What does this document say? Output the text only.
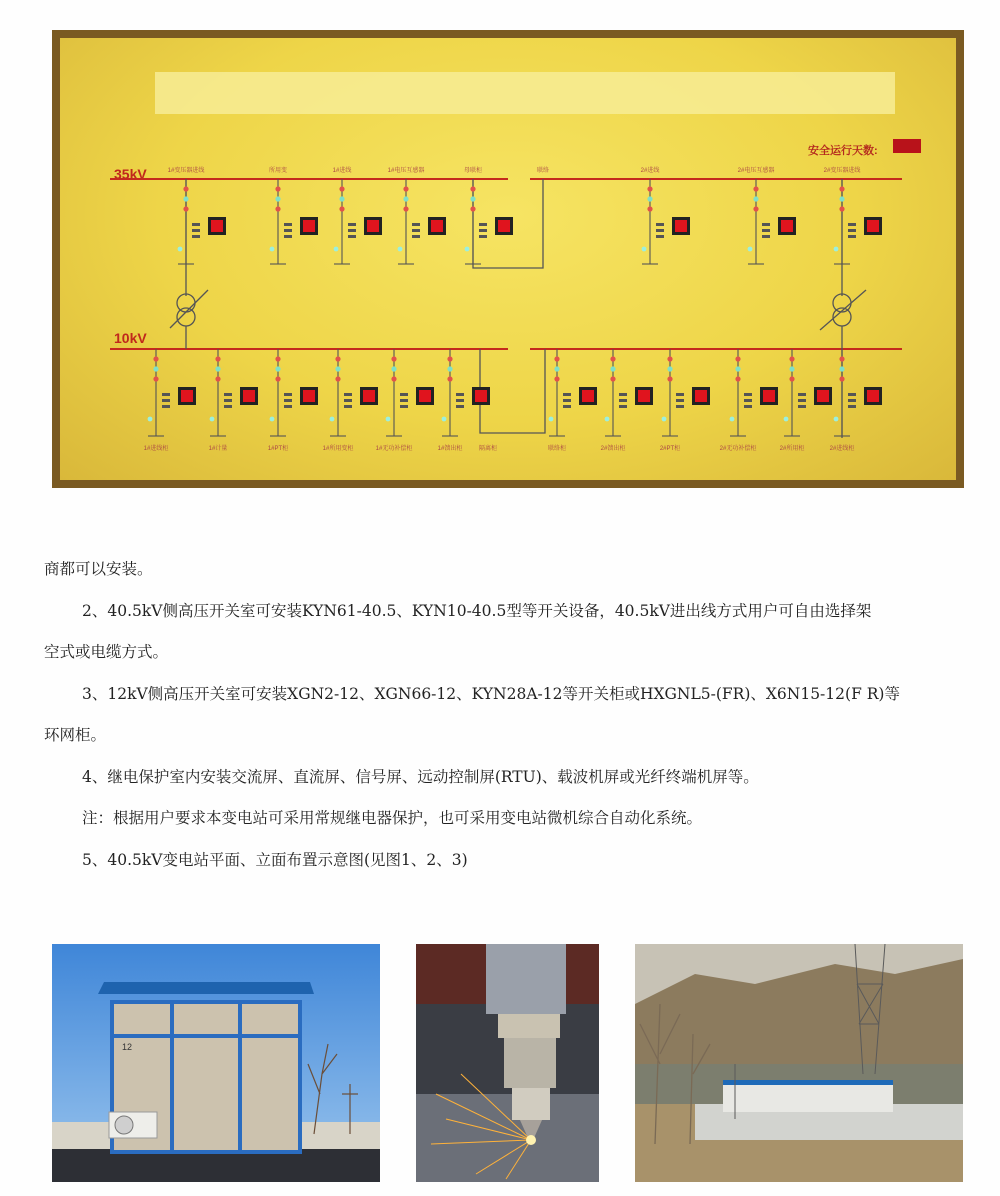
安全运行天数:
35kV
10kV
1#变压器进线	所用变	1#进线	1#电压互感器	母联柜	联络	2#进线	2#电压互感器	2#变压器进线
1#进线柜	1#计量	1#PT柜	1#所用变柜	1#无功补偿柜	1#馈出柜	隔离柜	联络柜	2#馈出柜	2#PT柜	2#无功补偿柜	2#所用柜	2#进线柜

商都可以安装。

2、40.5kV侧高压开关室可安装KYN61-40.5、KYN10-40.5型等开关设备，40.5kV进出线方式用户可自由选择架

空式或电缆方式。

3、12kV侧高压开关室可安装XGN2-12、XGN66-12、KYN28A-12等开关柜或HXGNL5-(FR)、X6N15-12(F R)等

环网柜。

4、继电保护室内安装交流屏、直流屏、信号屏、远动控制屏(RTU)、载波机屏或光纤终端机屏等。

注：根据用户要求本变电站可采用常规继电器保护，也可采用变电站微机综合自动化系统。

5、40.5kV变电站平面、立面布置示意图(见图1、2、3)

12
